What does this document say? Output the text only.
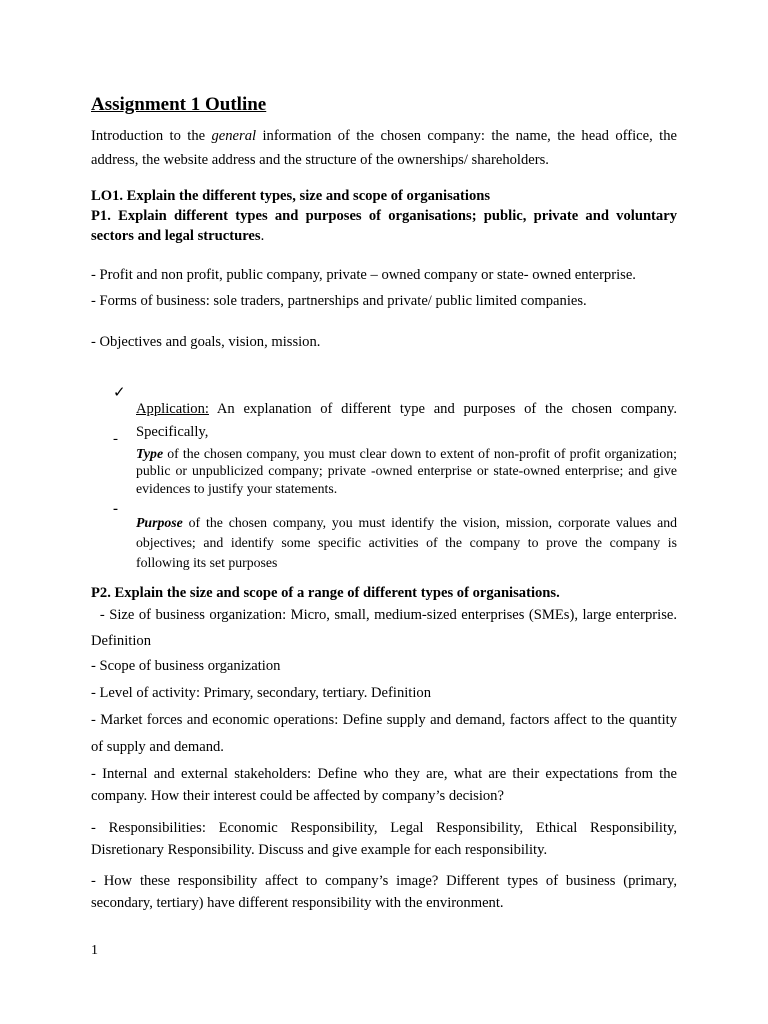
Assignment 1 Outline

Introduction to the general information of the chosen company: the name, the head office, the address, the website address and the structure of the ownerships/ shareholders.

LO1. Explain the different types, size and scope of organisations

P1. Explain different types and purposes of organisations; public, private and voluntary sectors and legal structures.

- Profit and non profit, public company, private – owned company or state- owned enterprise.

- Forms of business: sole traders, partnerships and private/ public limited companies.

- Objectives and goals, vision, mission.

✓

Application: An explanation of different type and purposes of the chosen company. Specifically,

-

Type of the chosen company, you must clear down to extent of non-profit of profit organization; public or unpublicized company; private -owned enterprise or state-owned enterprise; and give evidences to justify your statements.

-

Purpose of the chosen company, you must identify the vision, mission, corporate values and objectives; and identify some specific activities of the company to prove the company is following its set purposes

P2. Explain the size and scope of a range of different types of organisations.

- Size of business organization: Micro, small, medium-sized enterprises (SMEs), large enterprise. Definition

- Scope of business organization

- Level of activity: Primary, secondary, tertiary. Definition

- Market forces and economic operations: Define supply and demand, factors affect to the quantity of supply and demand.

- Internal and external stakeholders: Define who they are, what are their expectations from the company. How their interest could be affected by company’s decision?

- Responsibilities: Economic Responsibility, Legal Responsibility, Ethical Responsibility, Disretionary Responsibility. Discuss and give example for each responsibility.

- How these responsibility affect to company’s image? Different types of business (primary, secondary, tertiary) have different responsibility with the environment.

1
